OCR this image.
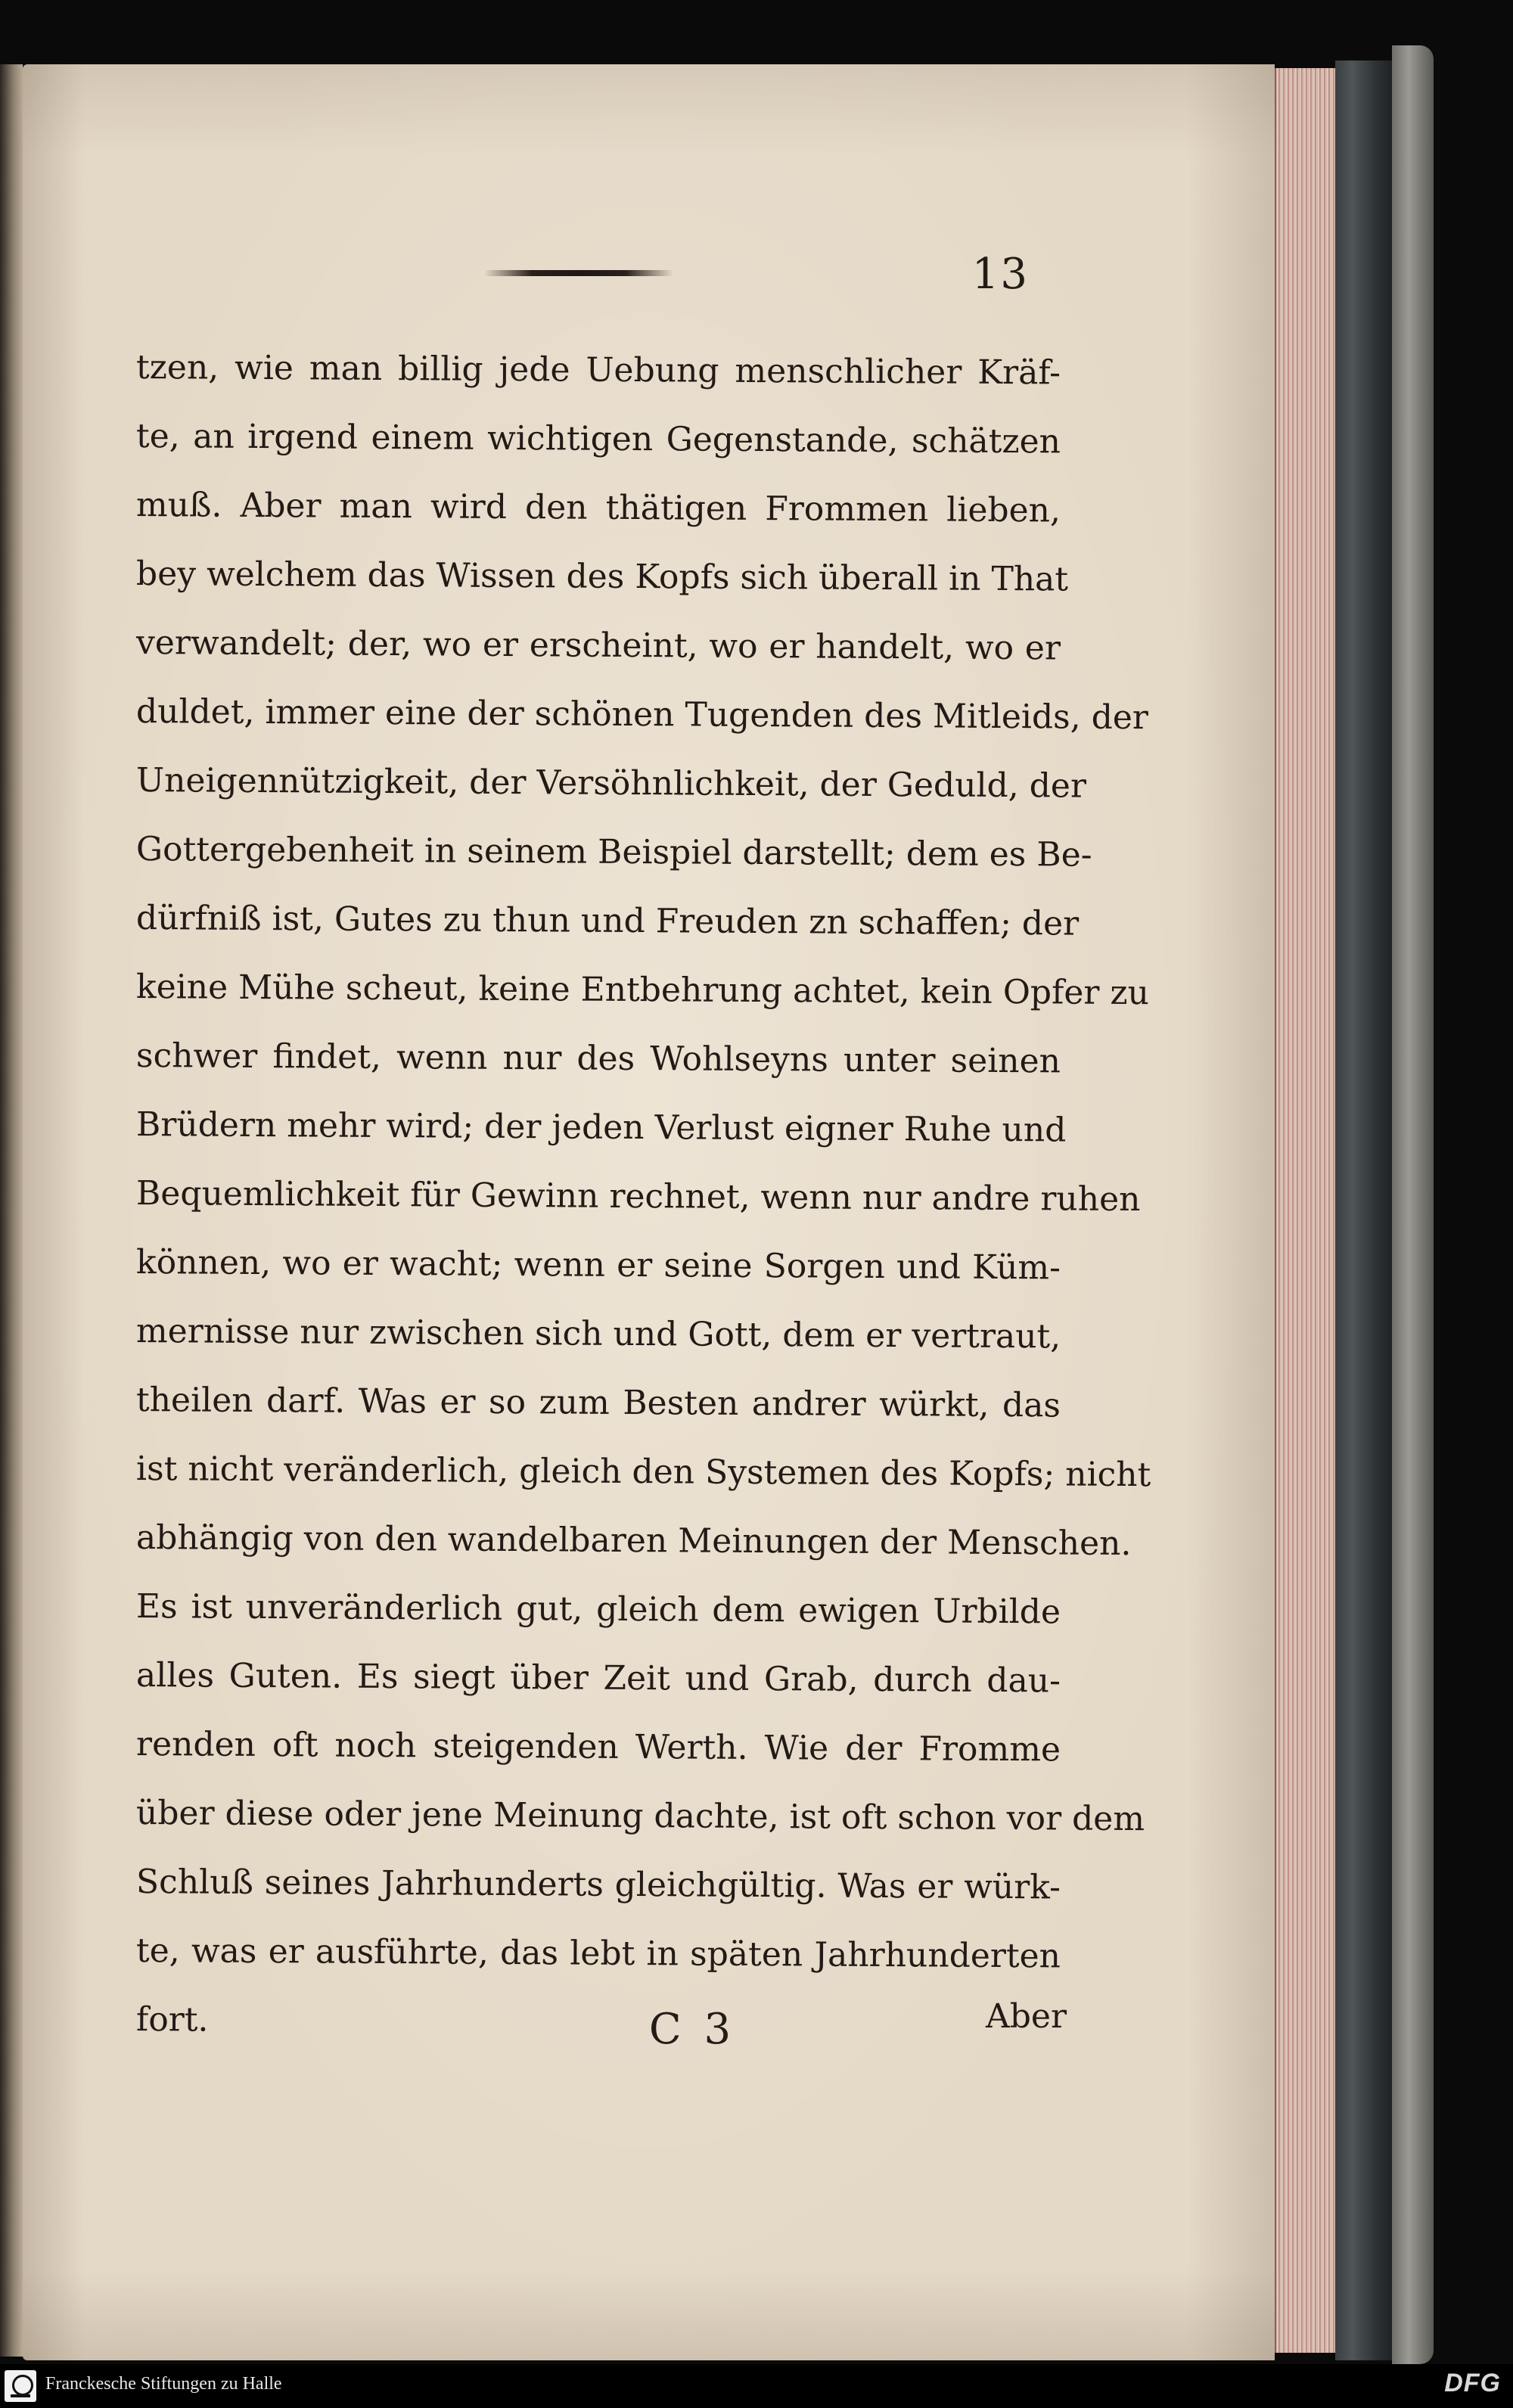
13
tzen, wie man billig jede Uebung menschlicher Kräf-
te, an irgend einem wichtigen Gegenstande, schätzen
muß. Aber man wird den thätigen Frommen lieben,
bey welchem das Wissen des Kopfs sich überall in That
verwandelt; der, wo er erscheint, wo er handelt, wo er
duldet, immer eine der schönen Tugenden des Mitleids, der
Uneigennützigkeit, der Versöhnlichkeit, der Geduld, der
Gottergebenheit in seinem Beispiel darstellt; dem es Be-
dürfniß ist, Gutes zu thun und Freuden zn schaffen; der
keine Mühe scheut, keine Entbehrung achtet, kein Opfer zu
schwer findet, wenn nur des Wohlseyns unter seinen
Brüdern mehr wird; der jeden Verlust eigner Ruhe und
Bequemlichkeit für Gewinn rechnet, wenn nur andre ruhen
können, wo er wacht; wenn er seine Sorgen und Küm-
mernisse nur zwischen sich und Gott, dem er vertraut,
theilen darf. Was er so zum Besten andrer würkt, das
ist nicht veränderlich, gleich den Systemen des Kopfs; nicht
abhängig von den wandelbaren Meinungen der Menschen.
Es ist unveränderlich gut, gleich dem ewigen Urbilde
alles Guten. Es siegt über Zeit und Grab, durch dau-
renden oft noch steigenden Werth. Wie der Fromme
über diese oder jene Meinung dachte, ist oft schon vor dem
Schluß seines Jahrhunderts gleichgültig. Was er würk-
te, was er ausführte, das lebt in späten Jahrhunderten
fort.	C 3	Aber
Franckesche Stiftungen zu Halle	DFG
